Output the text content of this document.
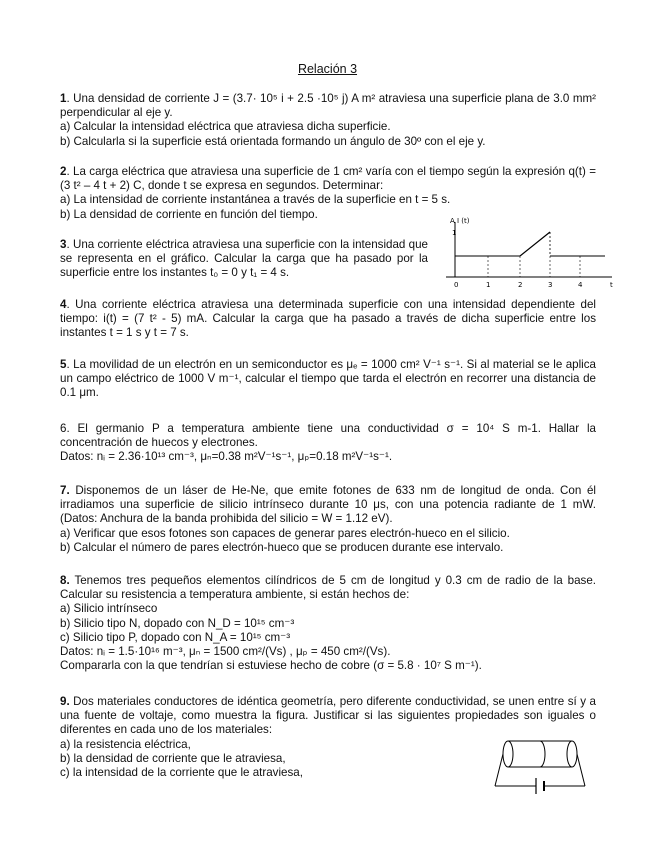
Relación 3

1. Una densidad de corriente J = (3.7· 10⁵ i + 2.5 ·10⁵ j) A m² atraviesa una superficie plana de 3.0 mm² perpendicular al eje y.

a) Calcular la intensidad eléctrica que atraviesa dicha superficie.

b) Calcularla si la superficie está orientada formando un ángulo de 30º con el eje y.

2. La carga eléctrica que atraviesa una superficie de 1 cm² varía con el tiempo según la expresión q(t) = (3 t² – 4 t + 2) C, donde t se expresa en segundos. Determinar:

a) La intensidad de corriente instantánea a través de la superficie en t = 5 s.

b) La densidad de corriente en función del tiempo.

3. Una corriente eléctrica atraviesa una superficie con la intensidad que se representa en el gráfico. Calcular la carga que ha pasado por la superficie entre los instantes t₀ = 0 y t₁ = 4 s.

A I (t)
1
0	1	2	3	4	t

4. Una corriente eléctrica atraviesa una determinada superficie con una intensidad dependiente del tiempo: i(t) = (7 t² - 5) mA. Calcular la carga que ha pasado a través de dicha superficie entre los instantes t = 1 s y t = 7 s.

5. La movilidad de un electrón en un semiconductor es μₑ = 1000 cm² V⁻¹ s⁻¹. Si al material se le aplica un campo eléctrico de 1000 V m⁻¹, calcular el tiempo que tarda el electrón en recorrer una distancia de 0.1 μm.

6. El germanio P a temperatura ambiente tiene una conductividad σ = 10⁴ S m-1. Hallar la concentración de huecos y electrones.

Datos: nᵢ = 2.36·10¹³ cm⁻³, μₙ=0.38 m²V⁻¹s⁻¹, μₚ=0.18 m²V⁻¹s⁻¹.

7. Disponemos de un láser de He-Ne, que emite fotones de 633 nm de longitud de onda. Con él irradiamos una superficie de silicio intrínseco durante 10 μs, con una potencia radiante de 1 mW. (Datos: Anchura de la banda prohibida del silicio = W = 1.12 eV).

a) Verificar que esos fotones son capaces de generar pares electrón-hueco en el silicio.

b) Calcular el número de pares electrón-hueco que se producen durante ese intervalo.

8. Tenemos tres pequeños elementos cilíndricos de 5 cm de longitud y 0.3 cm de radio de la base. Calcular su resistencia a temperatura ambiente, si están hechos de:

a) Silicio intrínseco

b) Silicio tipo N, dopado con N_D = 10¹⁵ cm⁻³

c) Silicio tipo P, dopado con N_A = 10¹⁵ cm⁻³

Datos: nᵢ = 1.5·10¹⁶ m⁻³, μₙ = 1500 cm²/(Vs) , μₚ = 450 cm²/(Vs).

Compararla con la que tendrían si estuviese hecho de cobre (σ = 5.8 · 10⁷ S m⁻¹).

9. Dos materiales conductores de idéntica geometría, pero diferente conductividad, se unen entre sí y a una fuente de voltaje, como muestra la figura. Justificar si las siguientes propiedades son iguales o diferentes en cada uno de los materiales:

a) la resistencia eléctrica,

b) la densidad de corriente que le atraviesa,

c) la intensidad de la corriente que le atraviesa,
